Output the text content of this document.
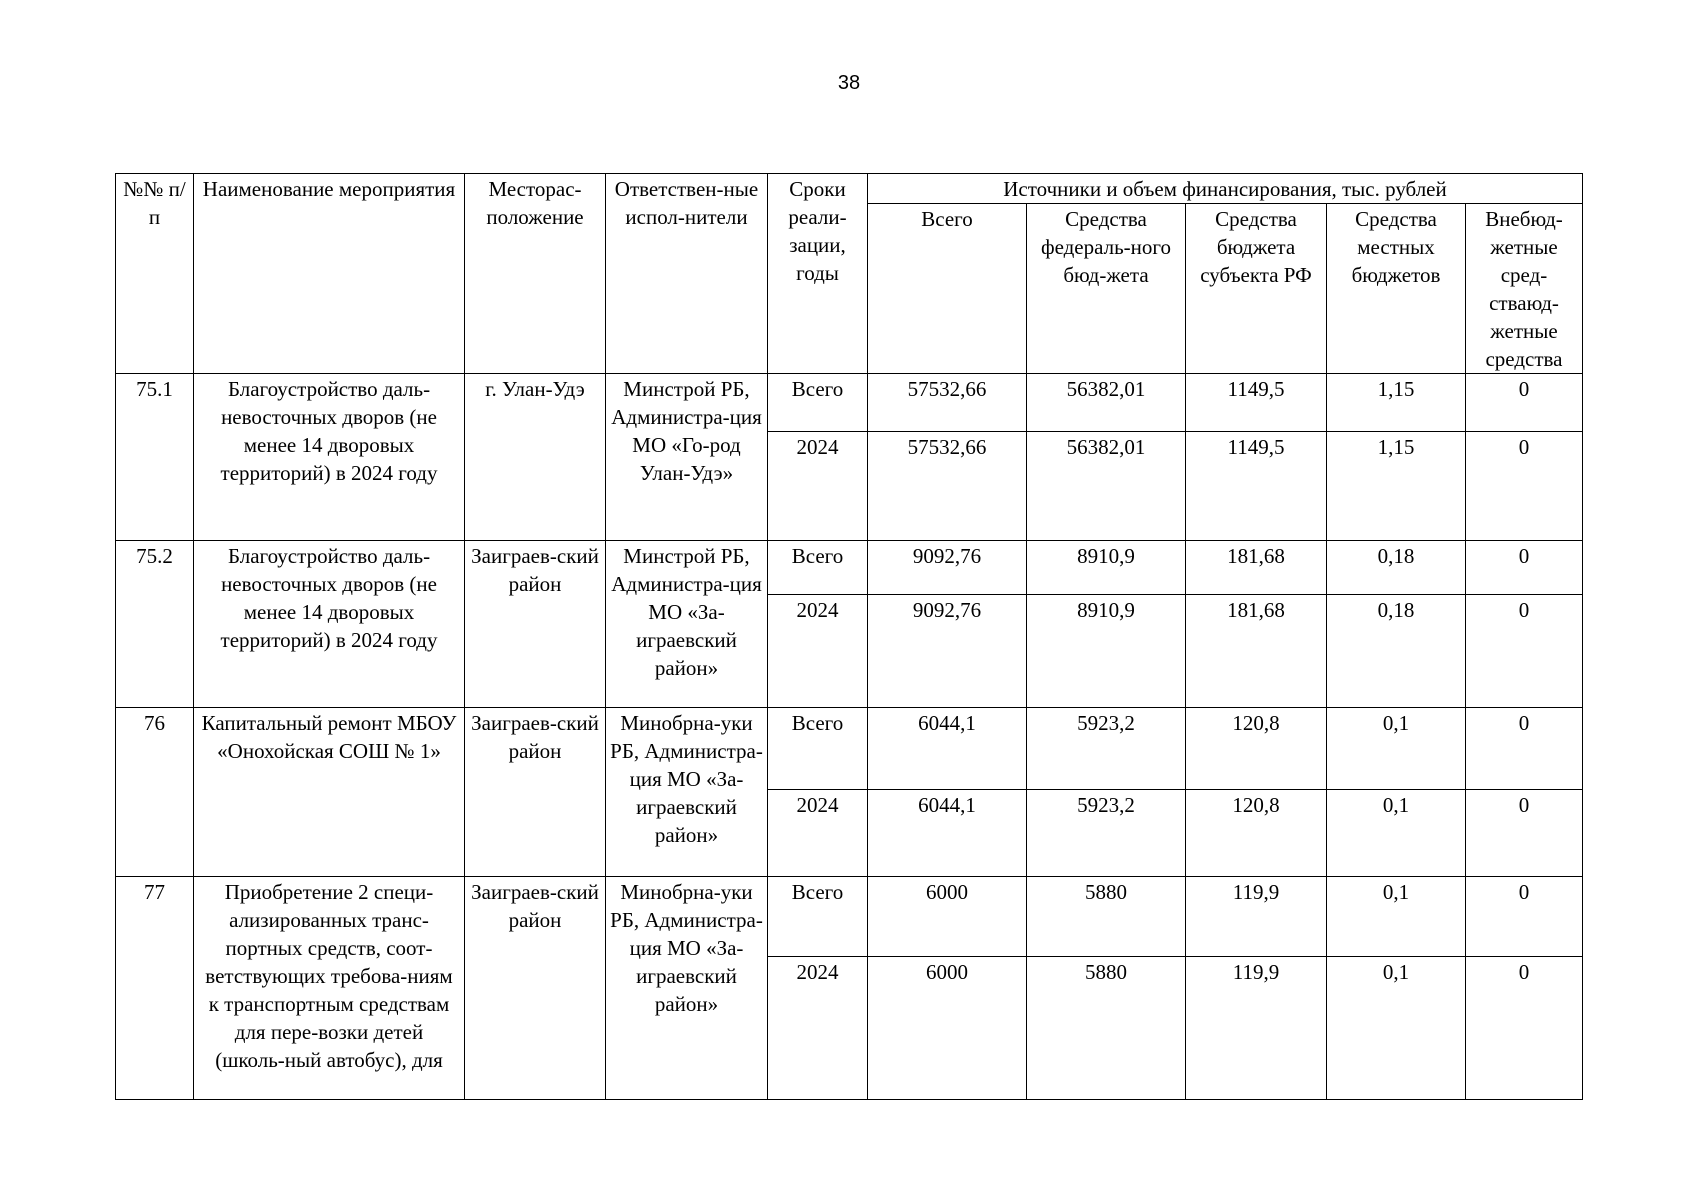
38
№№ п/п	Наименование мероприятия	Месторас-положение	Ответствен-ные испол-нители	Сроки реали-зации, годы	Источники и объем финансирования, тыс. рублей				
					Всего	Средства федераль-ного бюд-жета	Средства бюджета субъекта РФ	Средства местных бюджетов	Внебюд-жетные сред-стваюд-жетные средства
75.1	Благоустройство даль-невосточных дворов (не менее 14 дворовых территорий) в 2024 году	г. Улан-Удэ	Минстрой РБ, Администра-ция МО «Го-род Улан-Удэ»	Всего	57532,66	56382,01	1149,5	1,15	0
				2024	57532,66	56382,01	1149,5	1,15	0
75.2	Благоустройство даль-невосточных дворов (не менее 14 дворовых территорий) в 2024 году	Заиграев-ский район	Минстрой РБ, Администра-ция МО «За-играевский район»	Всего	9092,76	8910,9	181,68	0,18	0
				2024	9092,76	8910,9	181,68	0,18	0
76	Капитальный ремонт МБОУ «Онохойская СОШ № 1»	Заиграев-ский район	Минобрна-уки РБ, Администра-ция МО «За-играевский район»	Всего	6044,1	5923,2	120,8	0,1	0
				2024	6044,1	5923,2	120,8	0,1	0
77	Приобретение 2 специ-ализированных транс-портных средств, соот-ветствующих требова-ниям к транспортным средствам для пере-возки детей (школь-ный автобус), для	Заиграев-ский район	Минобрна-уки РБ, Администра-ция МО «За-играевский район»	Всего	6000	5880	119,9	0,1	0
				2024	6000	5880	119,9	0,1	0
